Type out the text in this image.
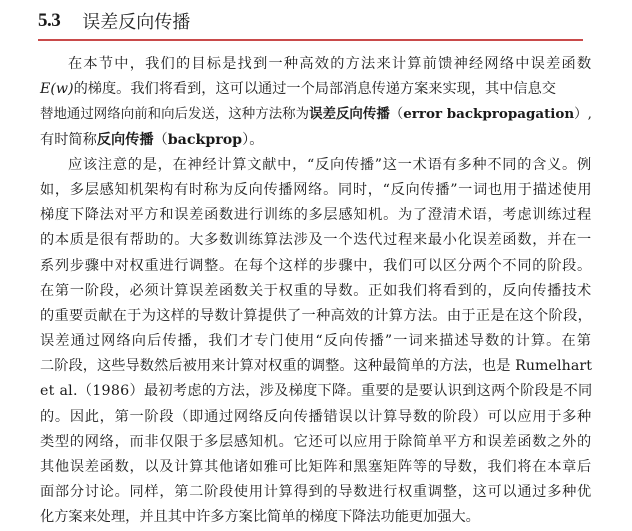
5.3 误差反向传播
在本节中，我们的目标是找到一种高效的方法来计算前馈神经网络中误差函数
E(w) 的梯度。我们将看到，这可以通过一个局部消息传递方案来实现，其中信息交
替地通过网络向前和向后发送，这种方法称为 误差反向传播 （ error backpropagation ）,
有时简称 反向传播 （ backprop ）。
应该注意的是，在神经计算文献中，“反向传播”这一术语有多种不同的含义。例
如，多层感知机架构有时称为反向传播网络。同时，“反向传播”一词也用于描述使用
梯度下降法对平方和误差函数进行训练的多层感知机。为了澄清术语，考虑训练过程
的本质是很有帮助的。大多数训练算法涉及一个迭代过程来最小化误差函数，并在一
系列步骤中对权重进行调整。在每个这样的步骤中，我们可以区分两个不同的阶段。
在第一阶段，必须计算误差函数关于权重的导数。正如我们将看到的，反向传播技术
的重要贡献在于为这样的导数计算提供了一种高效的计算方法。由于正是在这个阶段，
误差通过网络向后传播，我们才专门使用“反向传播”一词来描述导数的计算。在第
二阶段，这些导数然后被用来计算对权重的调整。这种最简单的方法，也是 Rumelhart
et al.（1986）最初考虑的方法，涉及梯度下降。重要的是要认识到这两个阶段是不同
的。因此，第一阶段（即通过网络反向传播错误以计算导数的阶段）可以应用于多种
类型的网络，而非仅限于多层感知机。它还可以应用于除简单平方和误差函数之外的
其他误差函数，以及计算其他诸如雅可比矩阵和黑塞矩阵等的导数，我们将在本章后
面部分讨论。同样，第二阶段使用计算得到的导数进行权重调整，这可以通过多种优
化方案来处理，并且其中许多方案比简单的梯度下降法功能更加强大。
